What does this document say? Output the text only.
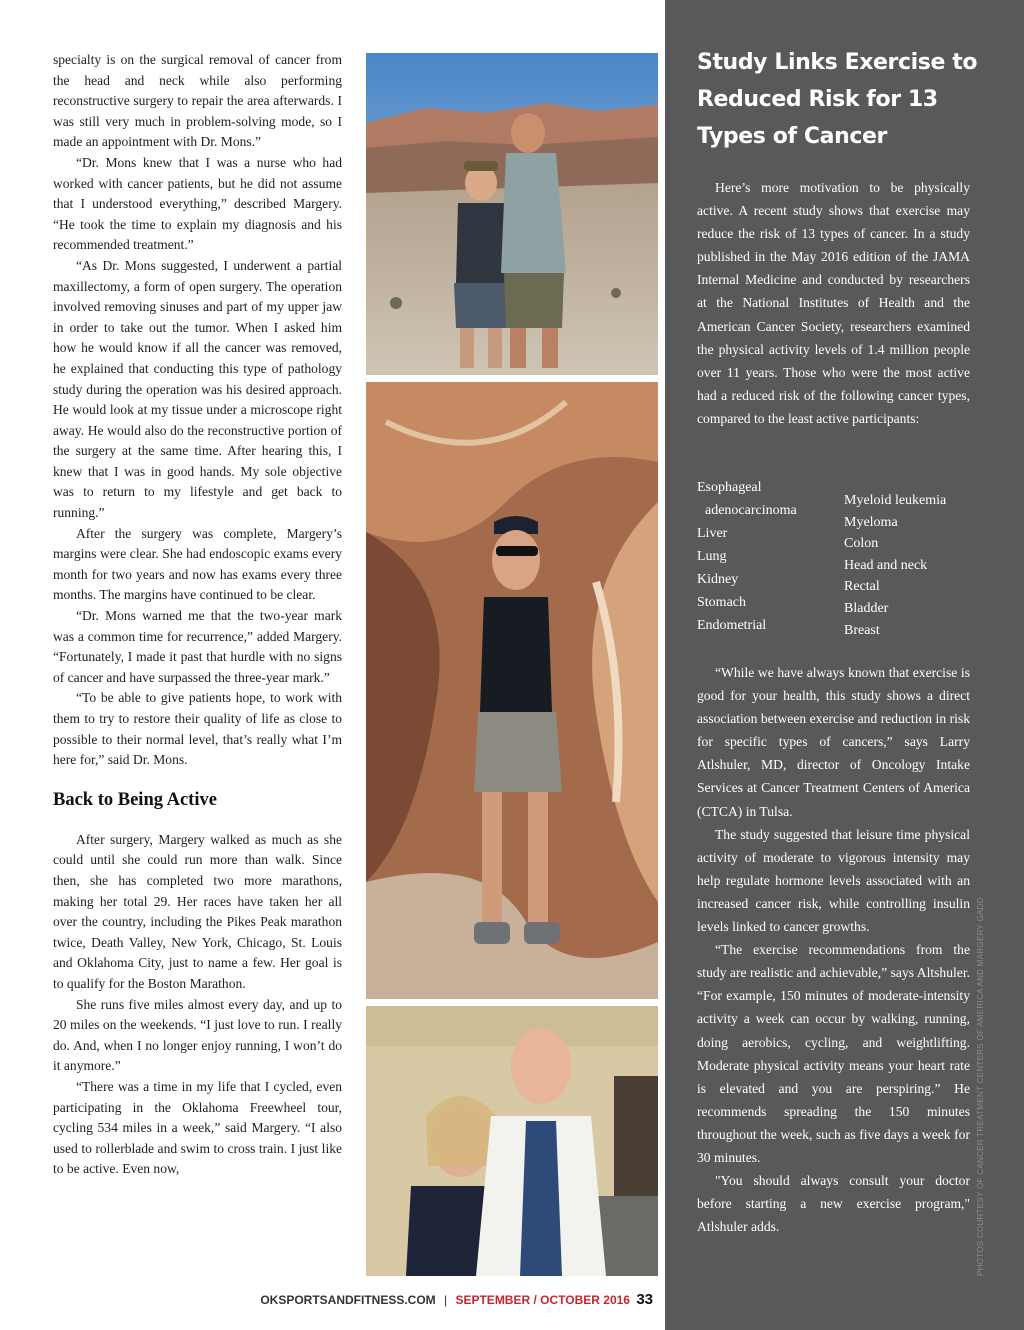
specialty is on the surgical removal of cancer from the head and neck while also performing reconstructive surgery to repair the area afterwards. I was still very much in problem-solving mode, so I made an appointment with Dr. Mons.”

“Dr. Mons knew that I was a nurse who had worked with cancer patients, but he did not assume that I understood everything,” described Margery. “He took the time to explain my diagnosis and his recommended treatment.”

“As Dr. Mons suggested, I underwent a partial maxillectomy, a form of open surgery. The operation involved removing sinuses and part of my upper jaw in order to take out the tumor. When I asked him how he would know if all the cancer was removed, he explained that conducting this type of pathology study during the operation was his desired approach. He would look at my tissue under a microscope right away. He would also do the reconstructive portion of the surgery at the same time. After hearing this, I knew that I was in good hands. My sole objective was to return to my lifestyle and get back to running.”

After the surgery was complete, Margery’s margins were clear. She had endoscopic exams every month for two years and now has exams every three months. The margins have continued to be clear.

“Dr. Mons warned me that the two-year mark was a common time for recurrence,” added Margery. “Fortunately, I made it past that hurdle with no signs of cancer and have surpassed the three-year mark.”

“To be able to give patients hope, to work with them to try to restore their quality of life as close to possible to their normal level, that’s really what I’m here for,” said Dr. Mons.

Back to Being Active

After surgery, Margery walked as much as she could until she could run more than walk. Since then, she has completed two more marathons, making her total 29. Her races have taken her all over the country, including the Pikes Peak marathon twice, Death Valley, New York, Chicago, St. Louis and Oklahoma City, just to name a few. Her goal is to qualify for the Boston Marathon.

She runs five miles almost every day, and up to 20 miles on the weekends. “I just love to run. I really do. And, when I no longer enjoy running, I won’t do it anymore.”

“There was a time in my life that I cycled, even participating in the Oklahoma Freewheel tour, cycling 534 miles in a week,” said Margery. “I also used to rollerblade and swim to cross train. I just like to be active. Even now,

Study Links Exercise to Reduced Risk for 13 Types of Cancer

Here’s more motivation to be physically active. A recent study shows that exercise may reduce the risk of 13 types of cancer. In a study published in the May 2016 edition of the JAMA Internal Medicine and conducted by researchers at the National Institutes of Health and the American Cancer Society, researchers examined the physical activity levels of 1.4 million people over 11 years. Those who were the most active had a reduced risk of the following cancer types, compared to the least active participants:

Esophageal
adenocarcinoma
Liver
Lung
Kidney
Stomach
Endometrial
Myeloid leukemia
Myeloma
Colon
Head and neck
Rectal
Bladder
Breast

“While we have always known that exercise is good for your health, this study shows a direct association between exercise and reduction in risk for specific types of cancers,” says Larry Atlshuler, MD, director of Oncology Intake Services at Cancer Treatment Centers of America (CTCA) in Tulsa.

The study suggested that leisure time physical activity of moderate to vigorous intensity may help regulate hormone levels associated with an increased cancer risk, while controlling insulin levels linked to cancer growths.

“The exercise recommendations from the study are realistic and achievable,” says Altshuler. “For example, 150 minutes of moderate-intensity activity a week can occur by walking, running, doing aerobics, cycling, and weightlifting. Moderate physical activity means your heart rate is elevated and you are perspiring.” He recommends spreading the 150 minutes throughout the week, such as five days a week for 30 minutes.

"You should always consult your doctor before starting a new exercise program," Atlshuler adds.	PHOTOS COURTESY OF CANCER TREATMENT CENTERS OF AMERICA AND MARGERY GADD
OKSPORTSANDFITNESS.COM | SEPTEMBER / OCTOBER 2016 33
